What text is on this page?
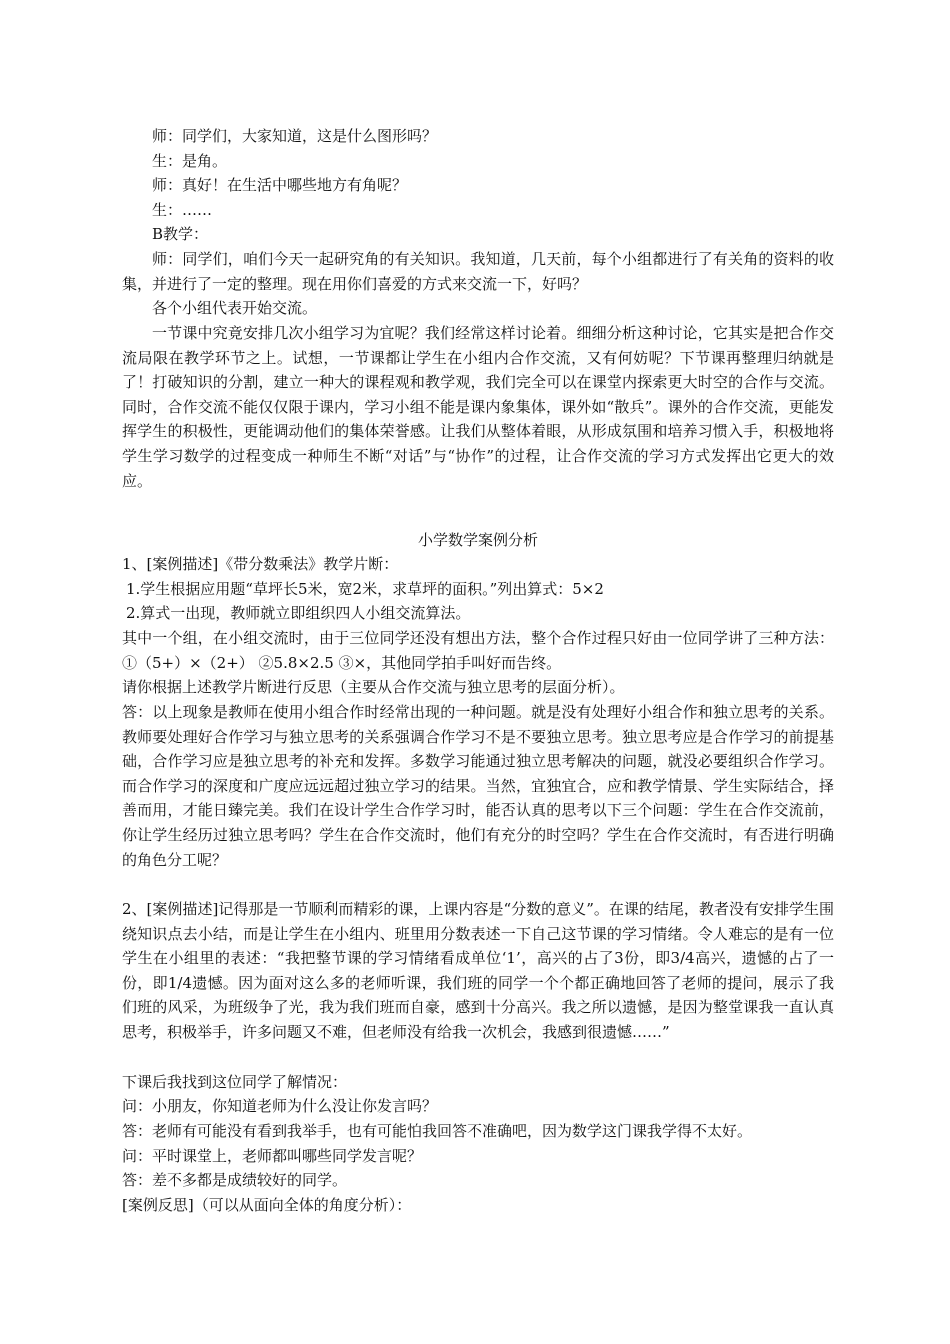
师：同学们，大家知道，这是什么图形吗？
生：是角。
师：真好！在生活中哪些地方有角呢？
生：……
B教学：

师：同学们，咱们今天一起研究角的有关知识。我知道，几天前，每个小组都进行了有关角的资料的收集，并进行了一定的整理。现在用你们喜爱的方式来交流一下，好吗？

各个小组代表开始交流。

一节课中究竟安排几次小组学习为宜呢？我们经常这样讨论着。细细分析这种讨论，它其实是把合作交流局限在教学环节之上。试想，一节课都让学生在小组内合作交流，又有何妨呢？下节课再整理归纳就是了！打破知识的分割，建立一种大的课程观和教学观，我们完全可以在课堂内探索更大时空的合作与交流。同时，合作交流不能仅仅限于课内，学习小组不能是课内象集体，课外如“散兵”。课外的合作交流，更能发挥学生的积极性，更能调动他们的集体荣誉感。让我们从整体着眼，从形成氛围和培养习惯入手，积极地将学生学习数学的过程变成一种师生不断“对话”与“协作”的过程，让合作交流的学习方式发挥出它更大的效应。

小学数学案例分析

1、[案例描述]《带分数乘法》教学片断：

1.学生根据应用题“草坪长5米，宽2米，求草坪的面积。”列出算式：5×2

2.算式一出现，教师就立即组织四人小组交流算法。

其中一个组，在小组交流时，由于三位同学还没有想出方法，整个合作过程只好由一位同学讲了三种方法：①（5+）×（2+） ②5.8×2.5 ③×，其他同学拍手叫好而告终。

请你根据上述教学片断进行反思（主要从合作交流与独立思考的层面分析）。

答：以上现象是教师在使用小组合作时经常出现的一种问题。就是没有处理好小组合作和独立思考的关系。教师要处理好合作学习与独立思考的关系强调合作学习不是不要独立思考。独立思考应是合作学习的前提基础，合作学习应是独立思考的补充和发挥。多数学习能通过独立思考解决的问题，就没必要组织合作学习。而合作学习的深度和广度应远远超过独立学习的结果。当然，宜独宜合，应和教学情景、学生实际结合，择善而用，才能日臻完美。我们在设计学生合作学习时，能否认真的思考以下三个问题：学生在合作交流前，你让学生经历过独立思考吗？学生在合作交流时，他们有充分的时空吗？学生在合作交流时，有否进行明确的角色分工呢？

2、[案例描述]记得那是一节顺利而精彩的课，上课内容是“分数的意义”。在课的结尾，教者没有安排学生围绕知识点去小结，而是让学生在小组内、班里用分数表述一下自己这节课的学习情绪。令人难忘的是有一位学生在小组里的表述：“我把整节课的学习情绪看成单位‘1’，高兴的占了3份，即3/4高兴，遗憾的占了一份，即1/4遗憾。因为面对这么多的老师听课，我们班的同学一个个都正确地回答了老师的提问，展示了我们班的风采，为班级争了光，我为我们班而自豪，感到十分高兴。我之所以遗憾，是因为整堂课我一直认真思考，积极举手，许多问题又不难，但老师没有给我一次机会，我感到很遗憾……”

下课后我找到这位同学了解情况：

问：小朋友，你知道老师为什么没让你发言吗？

答：老师有可能没有看到我举手，也有可能怕我回答不准确吧，因为数学这门课我学得不太好。

问：平时课堂上，老师都叫哪些同学发言呢？

答：差不多都是成绩较好的同学。

[案例反思]（可以从面向全体的角度分析）：
